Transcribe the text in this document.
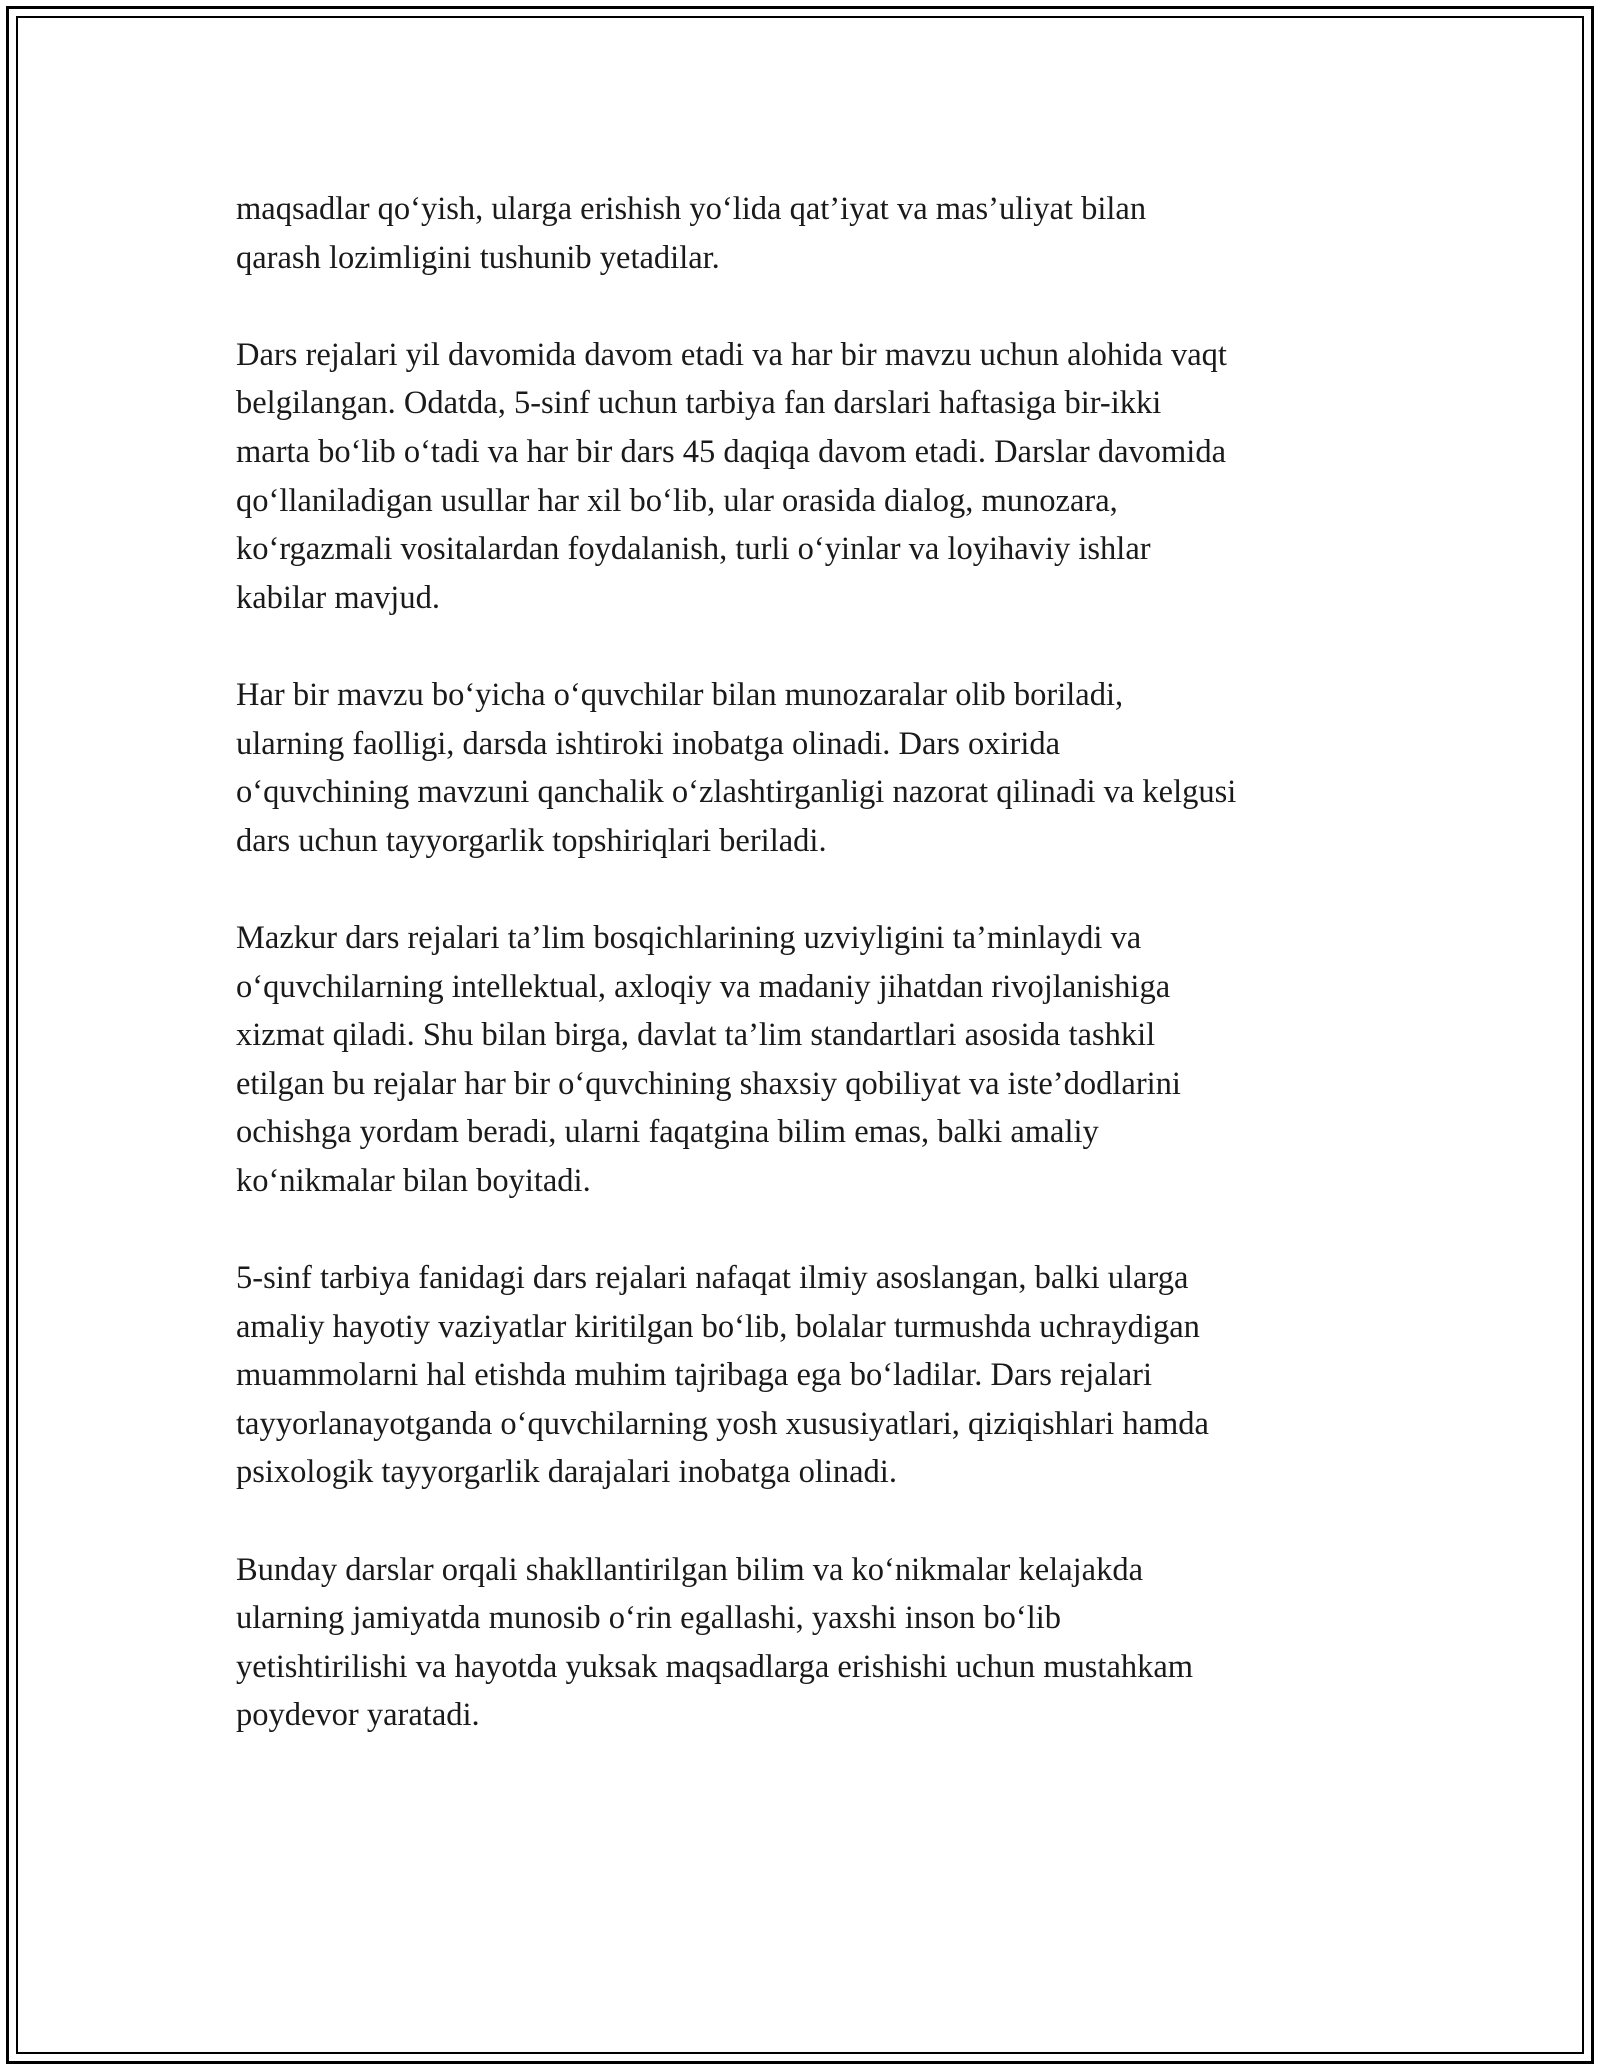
maqsadlar qo‘yish, ularga erishish yo‘lida qat’iyat va mas’uliyat bilan
qarash lozimligini tushunib yetadilar.

Dars rejalari yil davomida davom etadi va har bir mavzu uchun alohida vaqt
belgilangan. Odatda, 5-sinf uchun tarbiya fan darslari haftasiga bir-ikki
marta bo‘lib o‘tadi va har bir dars 45 daqiqa davom etadi. Darslar davomida
qo‘llaniladigan usullar har xil bo‘lib, ular orasida dialog, munozara,
ko‘rgazmali vositalardan foydalanish, turli o‘yinlar va loyihaviy ishlar
kabilar mavjud.

Har bir mavzu bo‘yicha o‘quvchilar bilan munozaralar olib boriladi,
ularning faolligi, darsda ishtiroki inobatga olinadi. Dars oxirida
o‘quvchining mavzuni qanchalik o‘zlashtirganligi nazorat qilinadi va kelgusi
dars uchun tayyorgarlik topshiriqlari beriladi.

Mazkur dars rejalari ta’lim bosqichlarining uzviyligini ta’minlaydi va
o‘quvchilarning intellektual, axloqiy va madaniy jihatdan rivojlanishiga
xizmat qiladi. Shu bilan birga, davlat ta’lim standartlari asosida tashkil
etilgan bu rejalar har bir o‘quvchining shaxsiy qobiliyat va iste’dodlarini
ochishga yordam beradi, ularni faqatgina bilim emas, balki amaliy
ko‘nikmalar bilan boyitadi.

5-sinf tarbiya fanidagi dars rejalari nafaqat ilmiy asoslangan, balki ularga
amaliy hayotiy vaziyatlar kiritilgan bo‘lib, bolalar turmushda uchraydigan
muammolarni hal etishda muhim tajribaga ega bo‘ladilar. Dars rejalari
tayyorlanayotganda o‘quvchilarning yosh xususiyatlari, qiziqishlari hamda
psixologik tayyorgarlik darajalari inobatga olinadi.

Bunday darslar orqali shakllantirilgan bilim va ko‘nikmalar kelajakda
ularning jamiyatda munosib o‘rin egallashi, yaxshi inson bo‘lib
yetishtirilishi va hayotda yuksak maqsadlarga erishishi uchun mustahkam
poydevor yaratadi.
